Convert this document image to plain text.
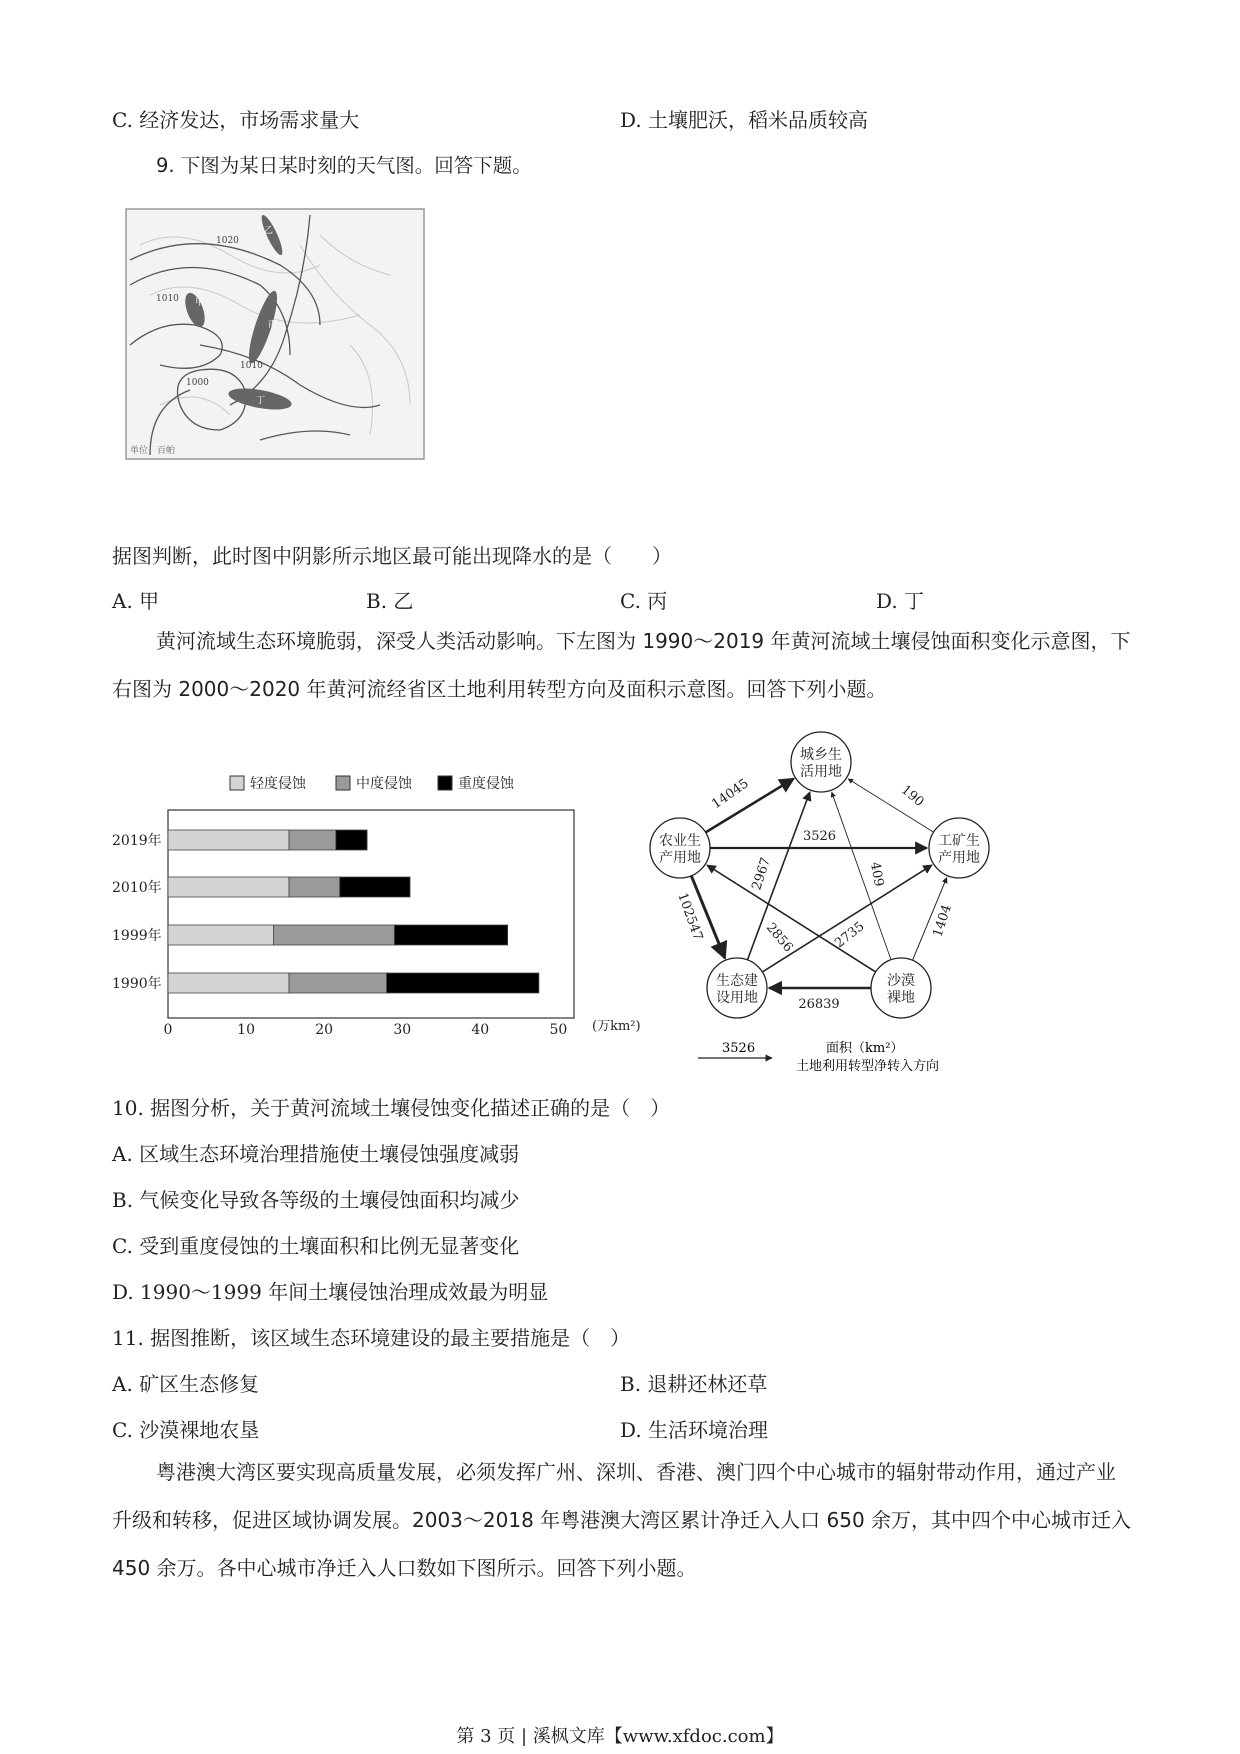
C. 经济发达，市场需求量大	D. 土壤肥沃，稻米品质较高
9. 下图为某日某时刻的天气图。回答下题。
1020
1010
1010
1000
甲
乙
丙
丁
单位：百帕
据图判断，此时图中阴影所示地区最可能出现降水的是（　　）
A. 甲	B. 乙	C. 丙	D. 丁
黄河流域生态环境脆弱，深受人类活动影响。下左图为 1990～2019 年黄河流域土壤侵蚀面积变化示意图，下右图为 2000～2020 年黄河流经省区土地利用转型方向及面积示意图。回答下列小题。
轻度侵蚀	中度侵蚀	重度侵蚀
2019年
2010年
1999年
1990年
0	10	20	30	40	50 (万km²)
14045	190
3526
2967	409
102547	2856	2735	1404
26839
城乡生
活用地
农业生
产用地
工矿生
产用地
生态建
设用地
沙漠
裸地
3526	面积（km²）
土地利用转型净转入方向
10. 据图分析，关于黄河流域土壤侵蚀变化描述正确的是（　）
A. 区域生态环境治理措施使土壤侵蚀强度减弱
B. 气候变化导致各等级的土壤侵蚀面积均减少
C. 受到重度侵蚀的土壤面积和比例无显著变化
D. 1990～1999 年间土壤侵蚀治理成效最为明显
11. 据图推断，该区域生态环境建设的最主要措施是（　）
A. 矿区生态修复	B. 退耕还林还草
C. 沙漠裸地农垦	D. 生活环境治理
粤港澳大湾区要实现高质量发展，必须发挥广州、深圳、香港、澳门四个中心城市的辐射带动作用，通过产业升级和转移，促进区域协调发展。2003～2018 年粤港澳大湾区累计净迁入人口 650 余万，其中四个中心城市迁入 450 余万。各中心城市净迁入人口数如下图所示。回答下列小题。
第 3 页 | 溪枫文库【www.xfdoc.com】
